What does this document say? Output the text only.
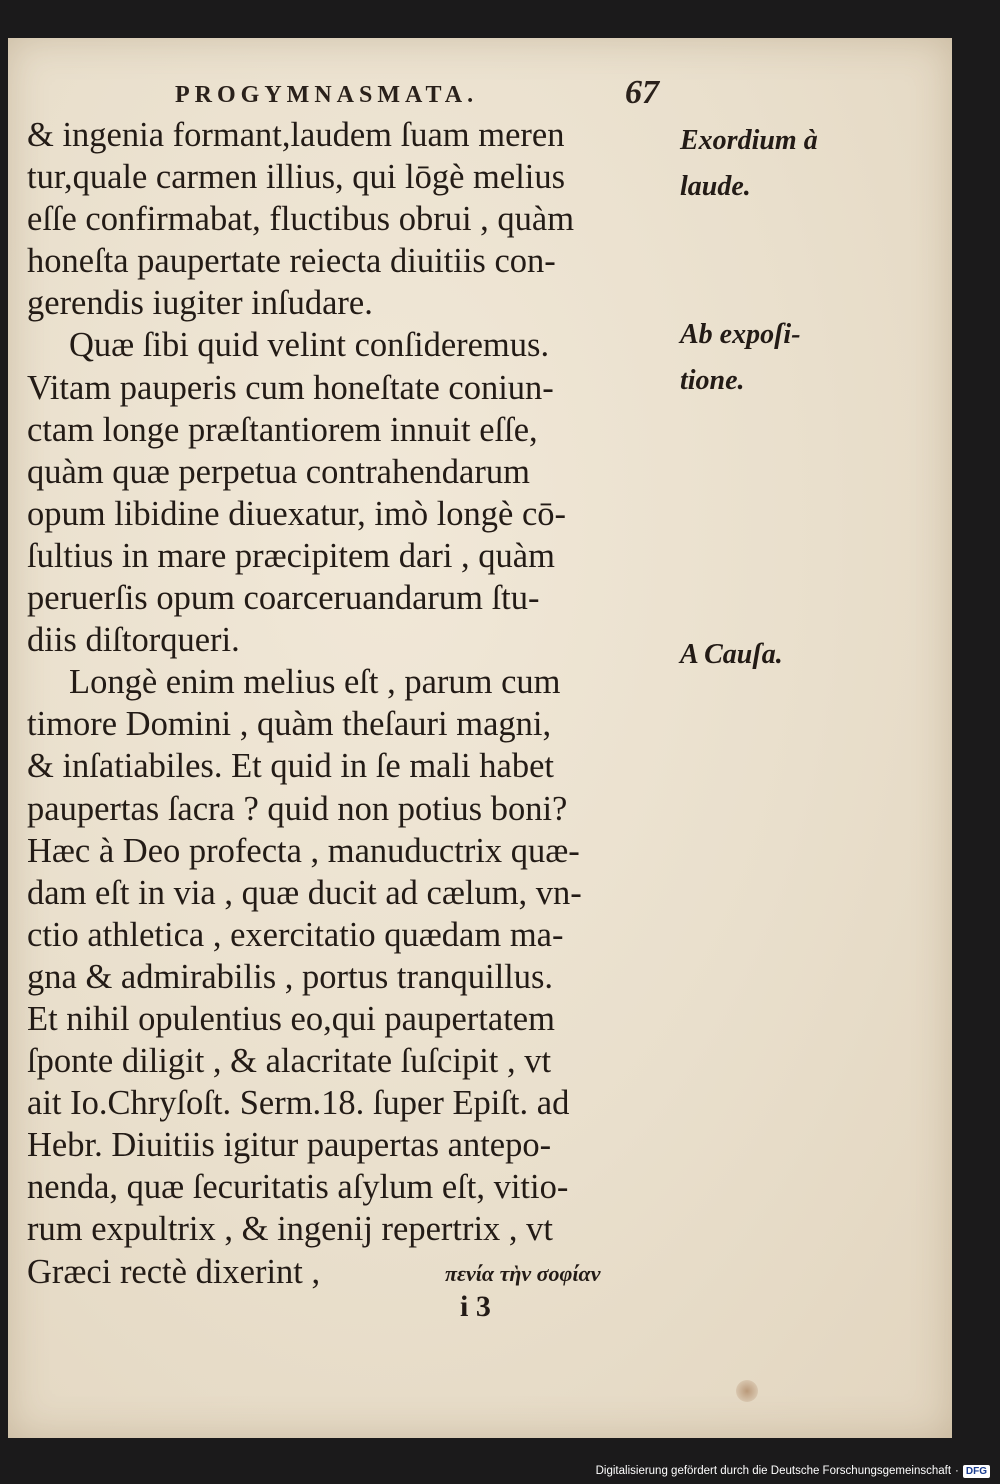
PROGYMNASMATA.	67
& ingenia formant,laudem ſuam meren
tur,quale carmen illius, qui lōgè melius
eſſe confirmabat, fluctibus obrui , quàm
honeſta paupertate reiecta diuitiis con-
gerendis iugiter inſudare.
Quæ ſibi quid velint conſideremus.
Vitam pauperis cum honeſtate coniun-
ctam longe præſtantiorem innuit eſſe,
quàm quæ perpetua contrahendarum
opum libidine diuexatur, imò longè cō-
ſultius in mare præcipitem dari , quàm
peruerſis opum coarceruandarum ſtu-
diis diſtorqueri.
Longè enim melius eſt , parum cum
timore Domini , quàm theſauri magni,
& inſatiabiles. Et quid in ſe mali habet
paupertas ſacra ? quid non potius boni?
Hæc à Deo profecta , manuductrix quæ-
dam eſt in via , quæ ducit ad cælum, vn-
ctio athletica , exercitatio quædam ma-
gna & admirabilis , portus tranquillus.
Et nihil opulentius eo,qui paupertatem
ſponte diligit , & alacritate ſuſcipit , vt
ait Io.Chryſoſt. Serm.18. ſuper Epiſt. ad
Hebr. Diuitiis igitur paupertas antepo-
nenda, quæ ſecuritatis aſylum eſt, vitio-
rum expultrix , & ingenij repertrix , vt
Græci rectè dixerint ,	πενία τὴν σοφίαν
Exordium à laude.
Ab expoſi- tione.
A Cauſa.
i 3
Digitalisierung gefördert durch die Deutsche Forschungsgemeinschaft · DFG
